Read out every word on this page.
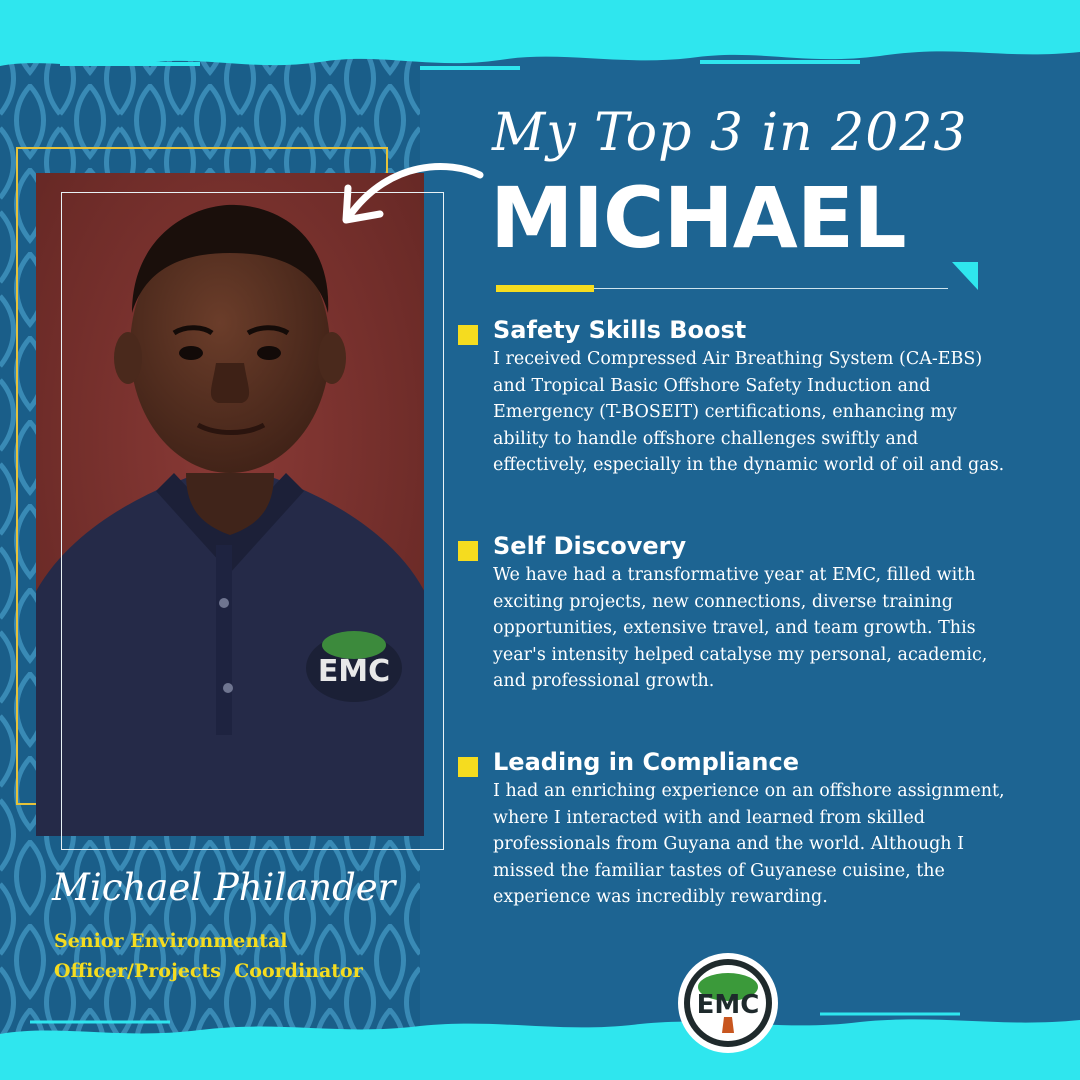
EMC
My Top 3 in 2023
MICHAEL
Safety Skills Boost
I received Compressed Air Breathing System (CA-EBS) and Tropical Basic Offshore Safety Induction and Emergency (T-BOSEIT) certifications, enhancing my ability to handle offshore challenges swiftly and effectively, especially in the dynamic world of oil and gas.
Self Discovery
We have had a transformative year at EMC, filled with exciting projects, new connections, diverse training opportunities, extensive travel, and team growth. This year's intensity helped catalyse my personal, academic, and professional growth.
Leading in Compliance
I had an enriching experience on an offshore assignment, where I interacted with and learned from skilled professionals from Guyana and the world. Although I missed the familiar tastes of Guyanese cuisine, the experience was incredibly rewarding.
Michael Philander
Senior Environmental
Officer/Projects  Coordinator
EMC
